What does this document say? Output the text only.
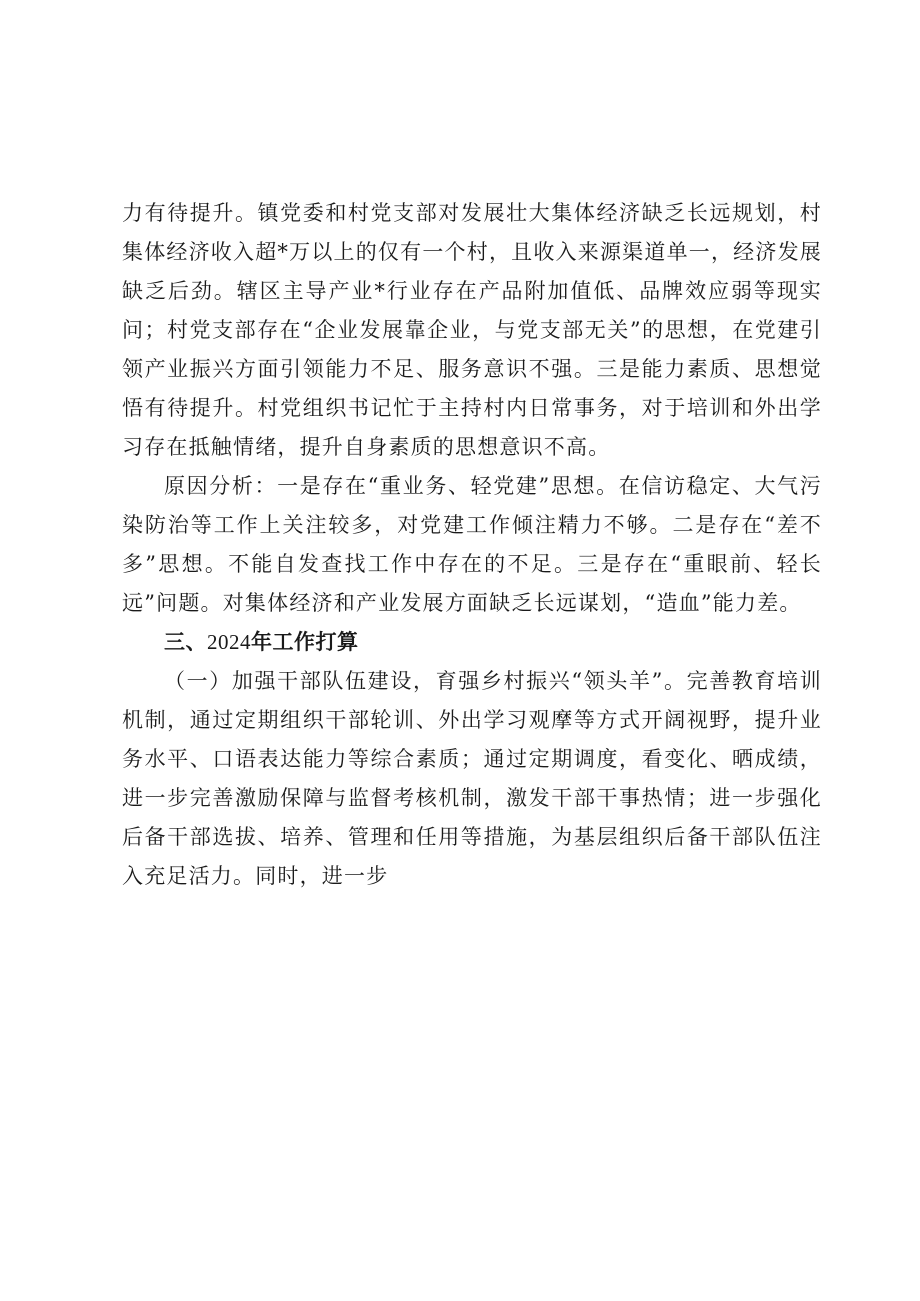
力有待提升。镇党委和村党支部对发展壮大集体经济缺乏长远规划，村集体经济收入超*万以上的仅有一个村，且收入来源渠道单一，经济发展缺乏后劲。辖区主导产业*行业存在产品附加值低、品牌效应弱等现实问；村党支部存在“企业发展靠企业，与党支部无关”的思想，在党建引领产业振兴方面引领能力不足、服务意识不强。三是能力素质、思想觉悟有待提升。村党组织书记忙于主持村内日常事务，对于培训和外出学习存在抵触情绪，提升自身素质的思想意识不高。

原因分析：一是存在“重业务、轻党建”思想。在信访稳定、大气污染防治等工作上关注较多，对党建工作倾注精力不够。二是存在“差不多”思想。不能自发查找工作中存在的不足。三是存在“重眼前、轻长远”问题。对集体经济和产业发展方面缺乏长远谋划，“造血”能力差。

三、2024年工作打算

（一）加强干部队伍建设，育强乡村振兴“领头羊”。完善教育培训机制，通过定期组织干部轮训、外出学习观摩等方式开阔视野，提升业务水平、口语表达能力等综合素质；通过定期调度，看变化、晒成绩，进一步完善激励保障与监督考核机制，激发干部干事热情；进一步强化后备干部选拔、培养、管理和任用等措施，为基层组织后备干部队伍注入充足活力。同时，进一步
